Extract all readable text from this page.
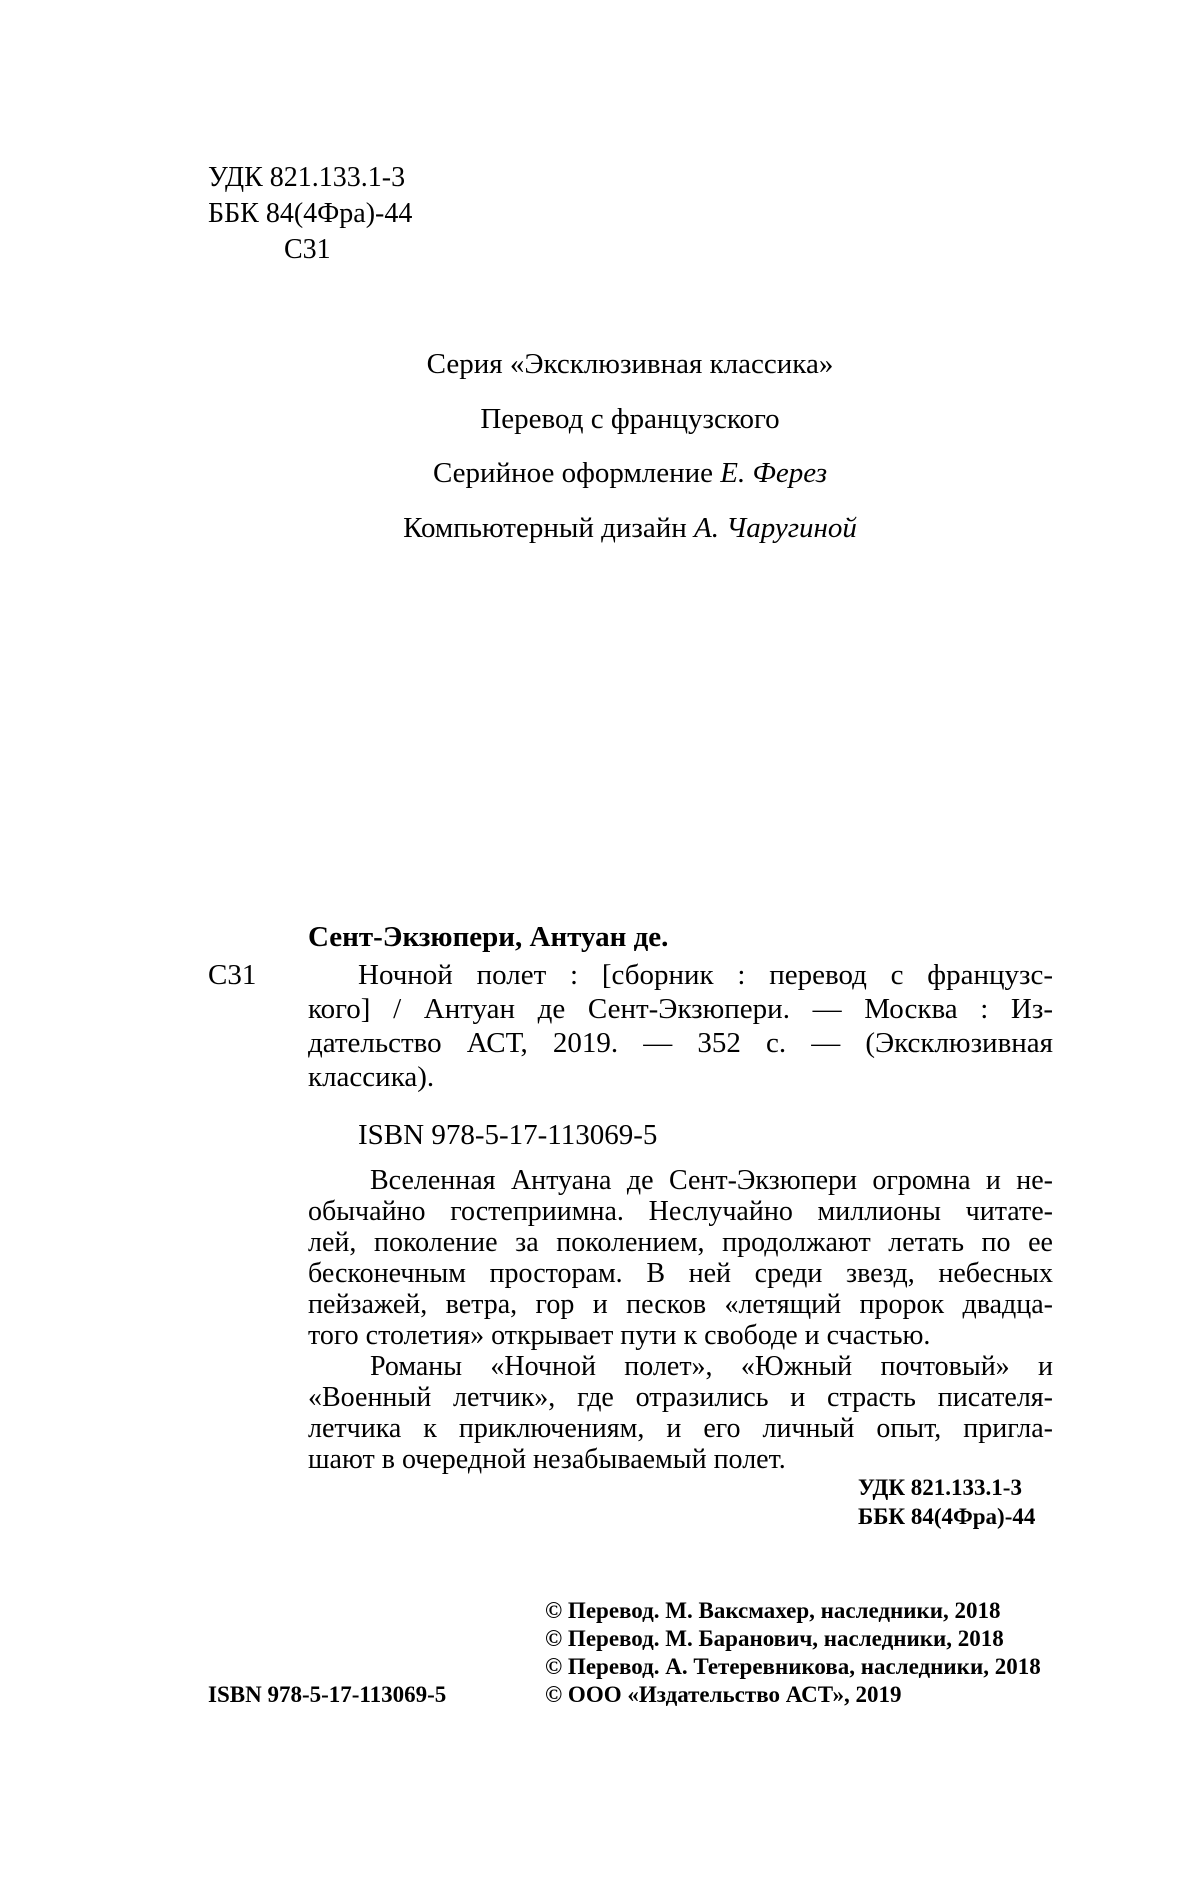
УДК 821.133.1-3
ББК 84(4Фра)-44
С31
Серия «Эксклюзивная классика»
Перевод с французского
Серийное оформление Е. Ферез
Компьютерный дизайн А. Чаругиной
Сент-Экзюпери, Антуан де.
С31	Ночной полет : [сборник : перевод с французс-
кого] / Антуан де Сент-Экзюпери. — Москва : Из-
дательство АСТ, 2019. — 352 с. — (Эксклюзивная
классика).
ISBN 978-5-17-113069-5
Вселенная Антуана де Сент-Экзюпери огромна и не-
обычайно гостеприимна. Неслучайно миллионы читате-
лей, поколение за поколением, продолжают летать по ее
бесконечным просторам. В ней среди звезд, небесных
пейзажей, ветра, гор и песков «летящий пророк двадца-
того столетия» открывает пути к свободе и счастью.
Романы «Ночной полет», «Южный почтовый» и
«Военный летчик», где отразились и страсть писателя-
летчика к приключениям, и его личный опыт, пригла-
шают в очередной незабываемый полет.
УДК 821.133.1-3
ББК 84(4Фра)-44
© Перевод. М. Ваксмахер, наследники, 2018
© Перевод. М. Баранович, наследники, 2018
© Перевод. А. Тетеревникова, наследники, 2018
© ООО «Издательство АСТ», 2019
ISBN 978-5-17-113069-5
